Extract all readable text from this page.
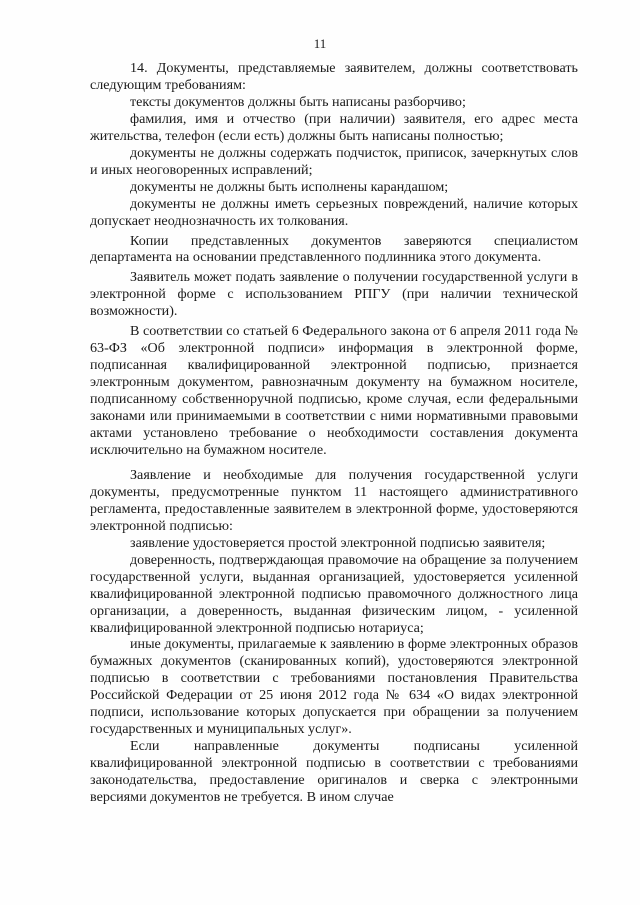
11

14. Документы, представляемые заявителем, должны соответствовать следующим требованиям:

тексты документов должны быть написаны разборчиво;

фамилия, имя и отчество (при наличии) заявителя, его адрес места жительства, телефон (если есть) должны быть написаны полностью;

документы не должны содержать подчисток, приписок, зачеркнутых слов и иных неоговоренных исправлений;

документы не должны быть исполнены карандашом;

документы не должны иметь серьезных повреждений, наличие которых допускает неоднозначность их толкования.

Копии представленных документов заверяются специалистом департамента на основании представленного подлинника этого документа.

Заявитель может подать заявление о получении государственной услуги в электронной форме с использованием РПГУ (при наличии технической возможности).

В соответствии со статьей 6 Федерального закона от 6 апреля 2011 года № 63-ФЗ «Об электронной подписи» информация в электронной форме, подписанная квалифицированной электронной подписью, признается электронным документом, равнозначным документу на бумажном носителе, подписанному собственноручной подписью, кроме случая, если федеральными законами или принимаемыми в соответствии с ними нормативными правовыми актами установлено требование о необходимости составления документа исключительно на бумажном носителе.

Заявление и необходимые для получения государственной услуги документы, предусмотренные пунктом 11 настоящего административного регламента, предоставленные заявителем в электронной форме, удостоверяются электронной подписью:

заявление удостоверяется простой электронной подписью заявителя;

доверенность, подтверждающая правомочие на обращение за получением государственной услуги, выданная организацией, удостоверяется усиленной квалифицированной электронной подписью правомочного должностного лица организации, а доверенность, выданная физическим лицом, - усиленной квалифицированной электронной подписью нотариуса;

иные документы, прилагаемые к заявлению в форме электронных образов бумажных документов (сканированных копий), удостоверяются электронной подписью в соответствии с требованиями постановления Правительства Российской Федерации от 25 июня 2012 года № 634 «О видах электронной подписи, использование которых допускается при обращении за получением государственных и муниципальных услуг».

Если направленные документы подписаны усиленной квалифицированной электронной подписью в соответствии с требованиями законодательства, предоставление оригиналов и сверка с электронными версиями документов не требуется. В ином случае
